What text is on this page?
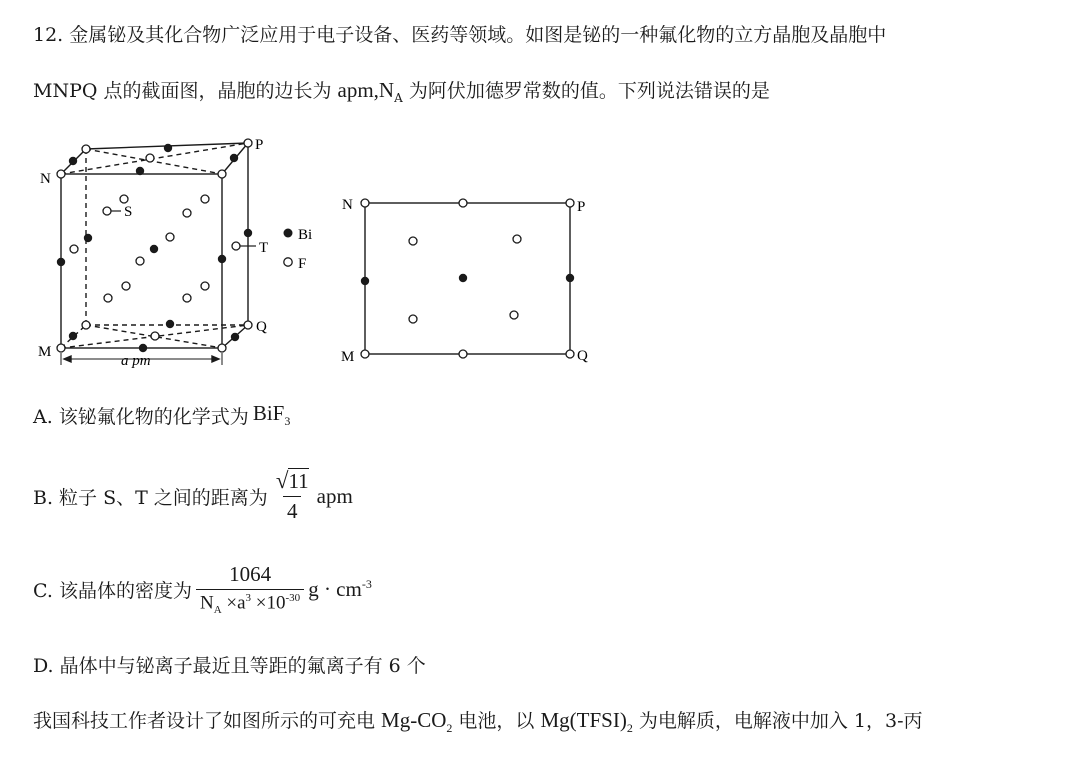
12. 金属铋及其化合物广泛应用于电子设备、医药等领域。如图是铋的一种氟化物的立方晶胞及晶胞中
MNPQ 点的截面图，晶胞的边长为 $apm,N_A$ 为阿伏加德罗常数的值。下列说法错误的是
N
P
M
Q
S
T
a pm
Bi
F
N	P
M	Q
A. 该铋氟化物的化学式为 BiF$_3$
B. 粒子 S、T 之间的距离为 $\frac{√11}{4}$ apm
C. 该晶体的密度为 $\frac{1064}{N_A \times a^3 \times 10^{-30}}$ $g \cdot cm^{-3}$
D. 晶体中与铋离子最近且等距的氟离子有 6 个
我国科技工作者设计了如图所示的可充电 $Mg-CO_2$ 电池，以 $Mg(TFSI)_2$ 为电解质，电解液中加入 1，3-丙
